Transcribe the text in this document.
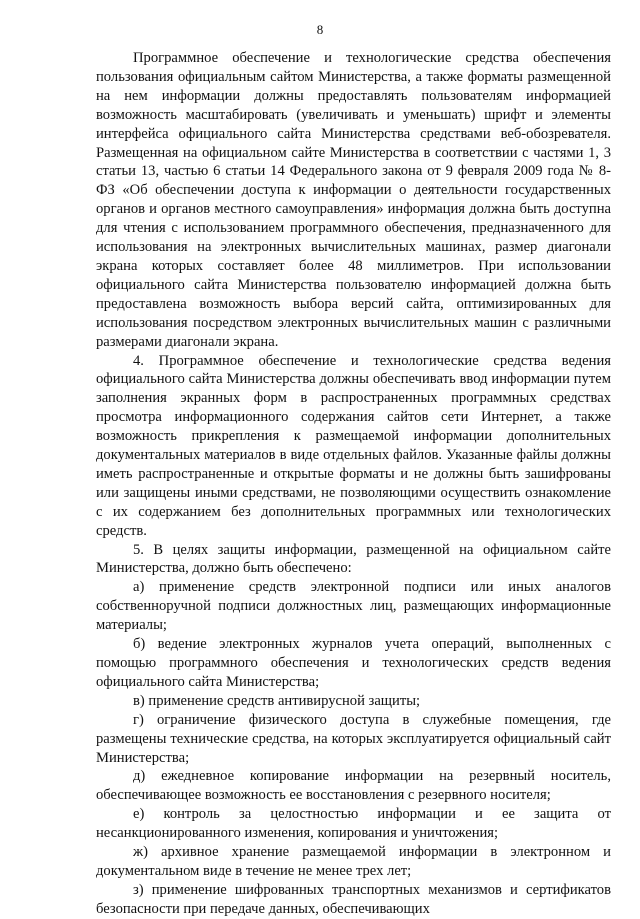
8

Программное обеспечение и технологические средства обеспечения пользования официальным сайтом Министерства, а также форматы размещенной на нем информации должны предоставлять пользователям информацией возможность масштабировать (увеличивать и уменьшать) шрифт и элементы интерфейса официального сайта Министерства средствами веб-обозревателя. Размещенная на официальном сайте Министерства в соответствии с частями 1, 3 статьи 13, частью 6 статьи 14 Федерального закона от 9 февраля 2009 года № 8-ФЗ «Об обеспечении доступа к информации о деятельности государственных органов и органов местного самоуправления» информация должна быть доступна для чтения с использованием программного обеспечения, предназначенного для использования на электронных вычислительных машинах, размер диагонали экрана которых составляет более 48 миллиметров. При использовании официального сайта Министерства пользователю информацией должна быть предоставлена возможность выбора версий сайта, оптимизированных для использования посредством электронных вычислительных машин с различными размерами диагонали экрана.

4. Программное обеспечение и технологические средства ведения официального сайта Министерства должны обеспечивать ввод информации путем заполнения экранных форм в распространенных программных средствах просмотра информационного содержания сайтов сети Интернет, а также возможность прикрепления к размещаемой информации дополнительных документальных материалов в виде отдельных файлов. Указанные файлы должны иметь распространенные и открытые форматы и не должны быть зашифрованы или защищены иными средствами, не позволяющими осуществить ознакомление с их содержанием без дополнительных программных или технологических средств.

5. В целях защиты информации, размещенной на официальном сайте Министерства, должно быть обеспечено:

а) применение средств электронной подписи или иных аналогов собственноручной подписи должностных лиц, размещающих информационные материалы;

б) ведение электронных журналов учета операций, выполненных с помощью программного обеспечения и технологических средств ведения официального сайта Министерства;

в) применение средств антивирусной защиты;

г) ограничение физического доступа в служебные помещения, где размещены технические средства, на которых эксплуатируется официальный сайт Министерства;

д) ежедневное копирование информации на резервный носитель, обеспечивающее возможность ее восстановления с резервного носителя;

е) контроль за целостностью информации и ее защита от несанкционированного изменения, копирования и уничтожения;

ж) архивное хранение размещаемой информации в электронном и документальном виде в течение не менее трех лет;

з) применение шифрованных транспортных механизмов и сертификатов безопасности при передаче данных, обеспечивающих
